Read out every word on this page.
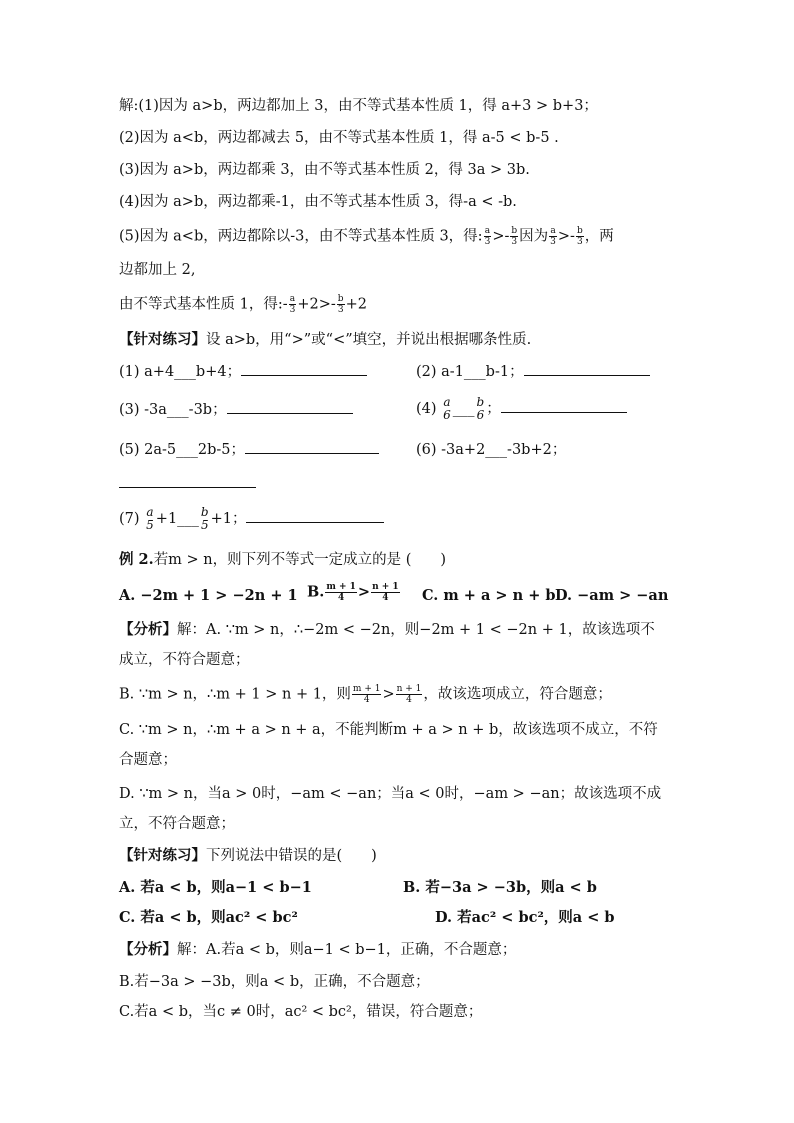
解:(1)因为 a>b，两边都加上 3，由不等式基本性质 1，得 a+3 > b+3；
(2)因为 a<b，两边都减去 5，由不等式基本性质 1，得 a-5 < b-5 .
(3)因为 a>b，两边都乘 3，由不等式基本性质 2，得 3a > 3b.
(4)因为 a>b，两边都乘-1，由不等式基本性质 3，得-a < -b.
(5)因为 a<b，两边都除以-3，由不等式基本性质 3，得: $\frac{a}{3} >- \frac{b}{3}$ 因为 $\frac{a}{3} >- \frac{b}{3}$ ，两
边都加上 2,
由不等式基本性质 1，得:- $\frac{a}{3} +2>- \frac{b}{3} +2$
【针对练习】设 a>b，用“>”或“<”填空，并说出根据哪条性质.
(1) a+4___b+4；	(2) a-1___b-1；
(3) -3a___-3b；	(4) a
6 ___ b
6 ；
(5) 2a-5___2b-5；	(6) -3a+2___-3b+2；
(7) a
5 +1___ b
5 +1；
例 2.若m > n，则下列不等式一定成立的是 (　　)
A. −2m + 1 > −2n + 1 B. $\frac{m + 1}{4} > \frac{n + 1}{4} C$. m + a > n + b D. −am > −an
【分析】解：A. ∵m > n，∴−2m < −2n，则−2m + 1 < −2n + 1，故该选项不
成立，不符合题意；
B. ∵m > n，∴m + 1 > n + 1，则 $\frac{m + 1}{4} > \frac{n + 1}{4}$ ，故该选项成立，符合题意；
C. ∵m > n，∴m + a > n + a，不能判断m + a > n + b，故该选项不成立，不符
合题意；
D. ∵m > n，当a > 0时，−am < −an；当a < 0时，−am > −an；故该选项不成
立，不符合题意；
【针对练习】下列说法中错误的是(　　)
A. 若a < b，则a−1 < b−1	B. 若−3a > −3b，则a < b
C. 若a < b，则ac² < bc²	D. 若ac² < bc²，则a < b
【分析】解：A.若a < b，则a−1 < b−1，正确，不合题意；
B.若−3a > −3b，则a < b，正确，不合题意；
C.若a < b，当c ≠ 0时，ac² < bc²，错误，符合题意；
